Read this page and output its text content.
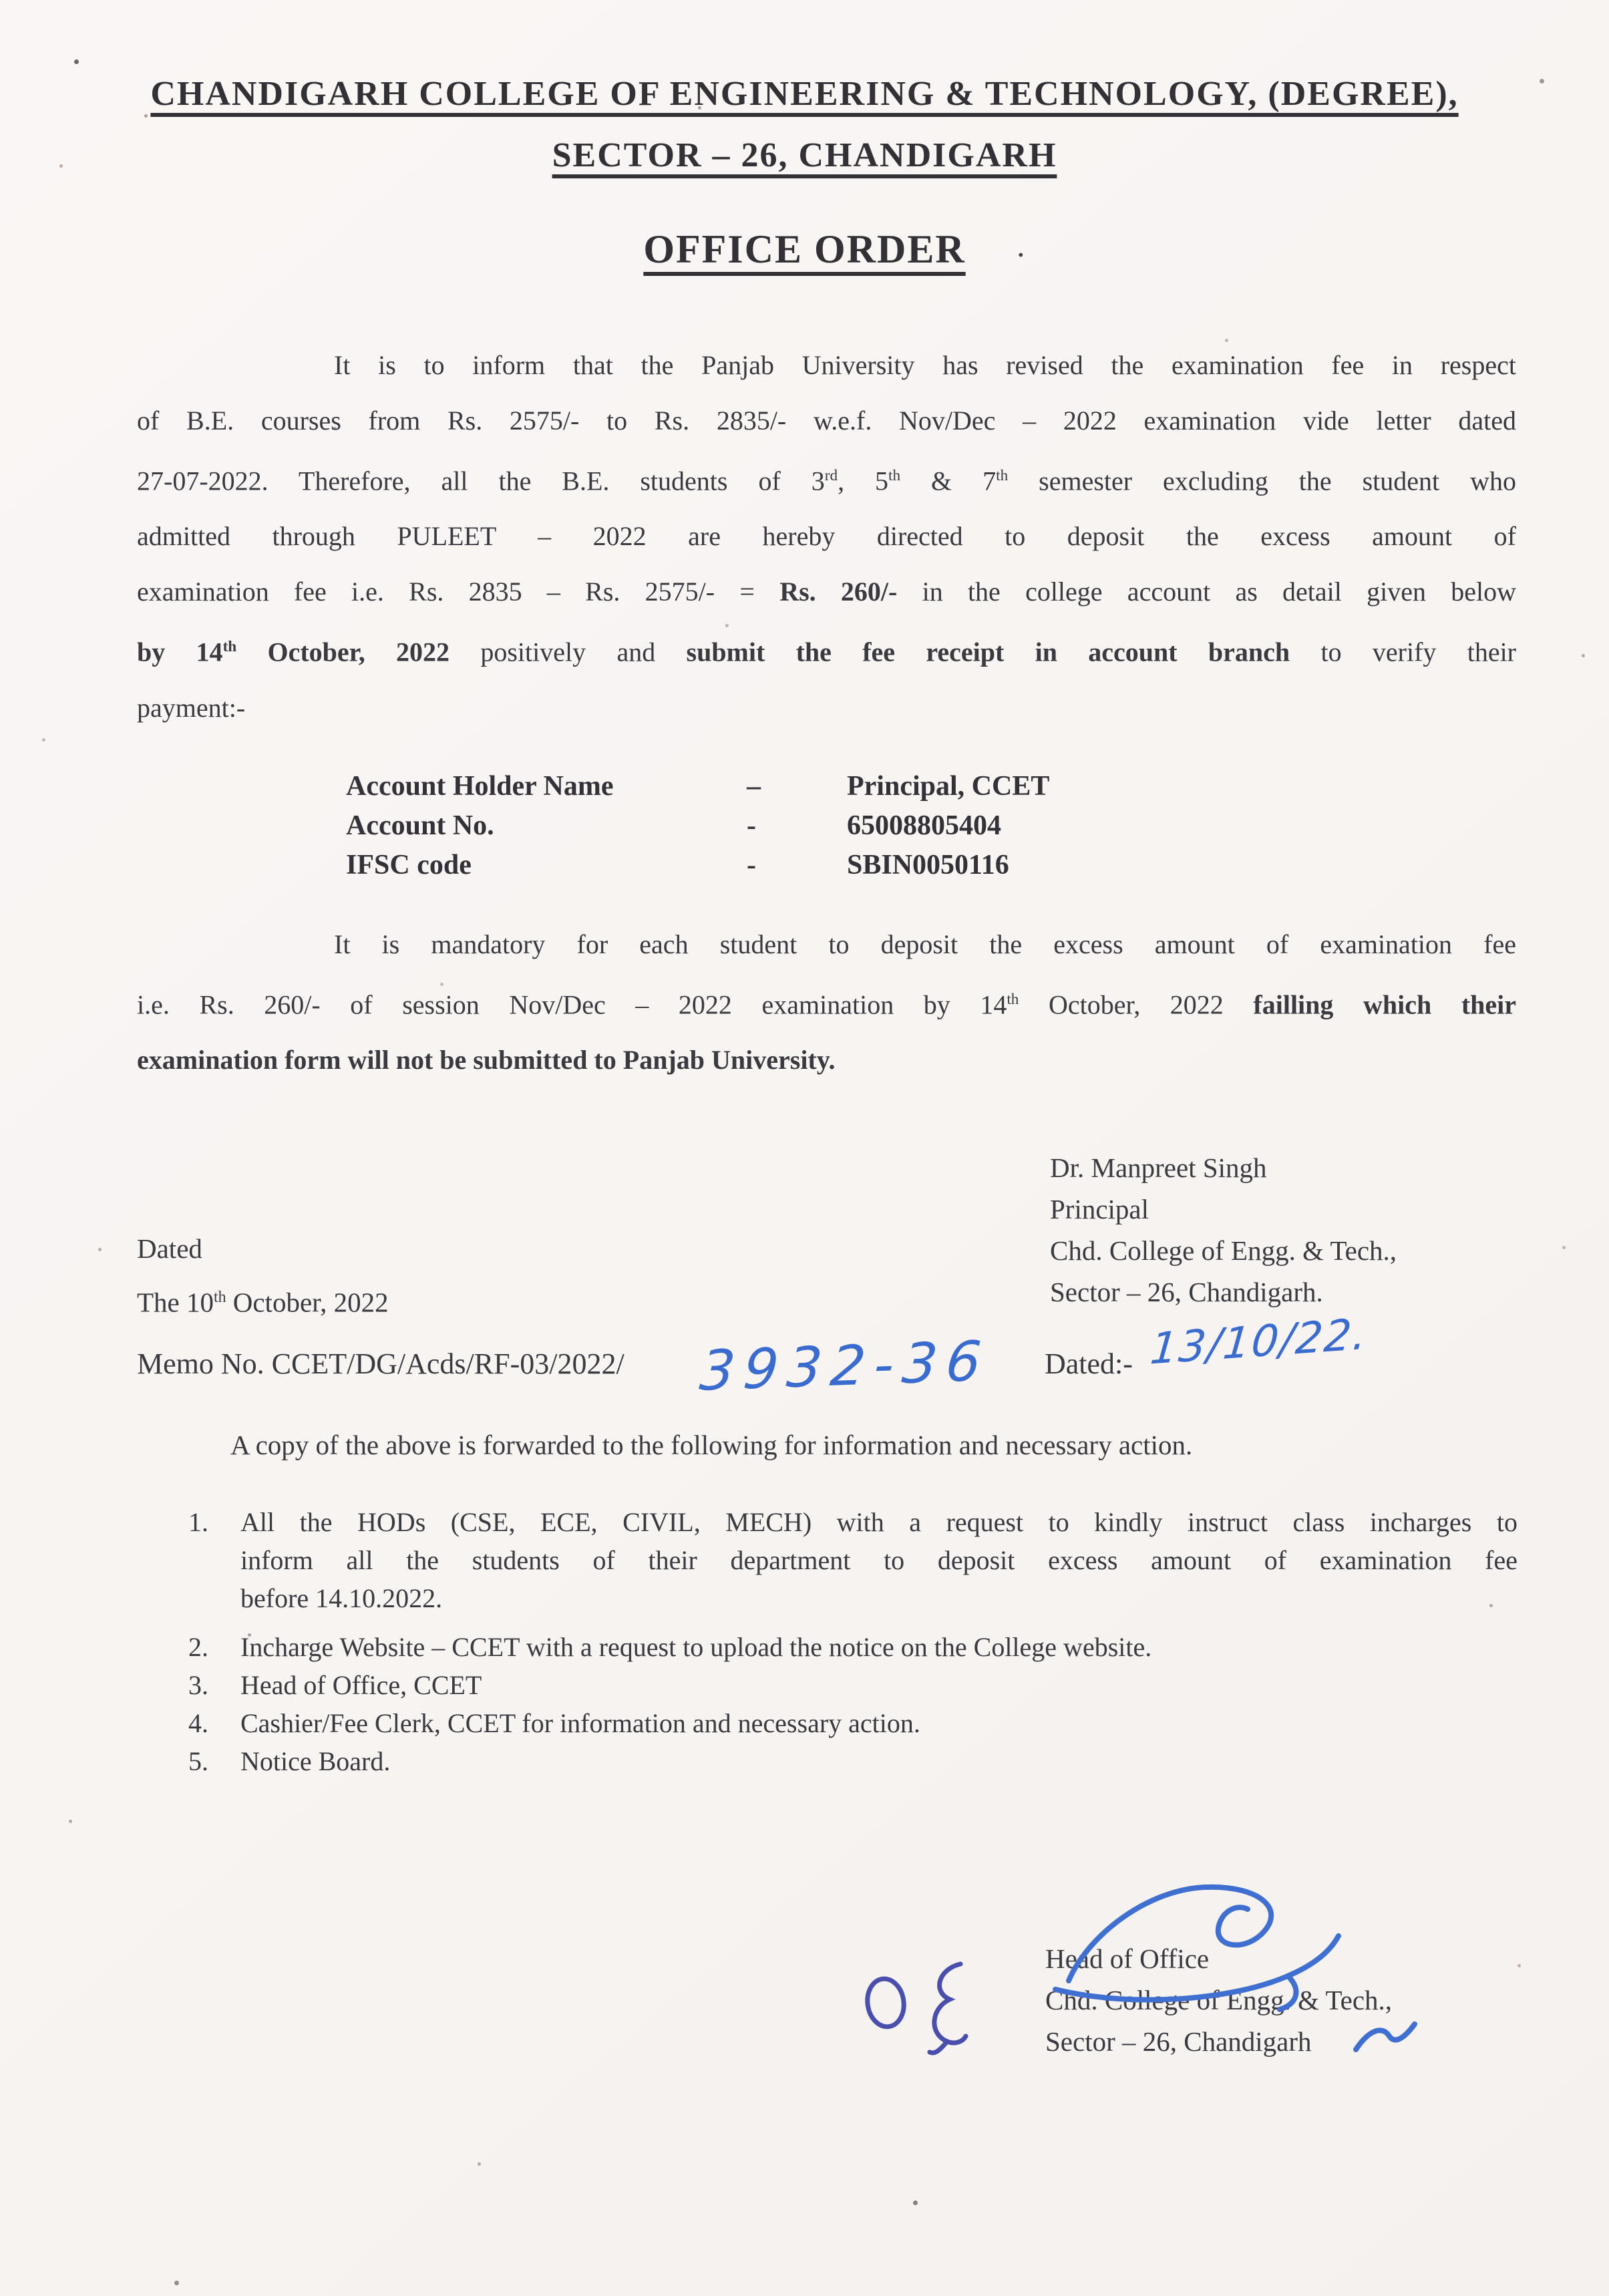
CHANDIGARH COLLEGE OF ENGINEERING & TECHNOLOGY, (DEGREE),
SECTOR – 26, CHANDIGARH
OFFICE ORDER	·
It is to inform that the Panjab University has revised the examination fee in respect
of B.E. courses from Rs. 2575/- to Rs. 2835/- w.e.f. Nov/Dec – 2022 examination vide letter dated
27-07-2022. Therefore, all the B.E. students of 3rd, 5th & 7th semester excluding the student who
admitted through PULEET – 2022 are hereby directed to deposit the excess amount of
examination fee i.e. Rs. 2835 – Rs. 2575/- = Rs. 260/- in the college account as detail given below
by 14th October, 2022 positively and submit the fee receipt in account branch to verify their
payment:-
Account Holder Name	–	Principal, CCET
Account No.	-	65008805404
IFSC code	-	SBIN0050116
It is mandatory for each student to deposit the excess amount of examination fee
i.e. Rs. 260/- of session Nov/Dec – 2022 examination by 14th October, 2022 failling which their
examination form will not be submitted to Panjab University.
Dr. Manpreet Singh
Principal
Chd. College of Engg. & Tech.,
Sector – 26, Chandigarh.
Dated
The 10th October, 2022
Memo No. CCET/DG/Acds/RF-03/2022/ 3932-36 Dated:- 13/10/22.
A copy of the above is forwarded to the following for information and necessary action.
1.	All the HODs (CSE, ECE, CIVIL, MECH) with a request to kindly instruct class incharges to
inform all the students of their department to deposit excess amount of examination fee
before 14.10.2022.
2.	Incharge Website – CCET with a request to upload the notice on the College website.
3.	Head of Office, CCET
4.	Cashier/Fee Clerk, CCET for information and necessary action.
5.	Notice Board.
Head of Office
Chd. College of Engg. & Tech.,
Sector – 26, Chandigarh
